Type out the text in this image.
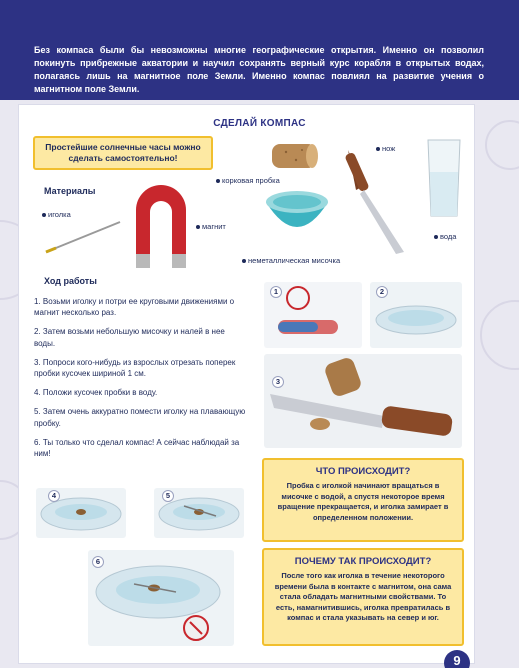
Без компаса были бы невозможны многие географические открытия. Именно он позволил покинуть прибрежные акватории и научил сохранять верный курс корабля в открытых водах, полагаясь лишь на магнитное поле Земли. Именно компас повлиял на развитие учения о магнитном поле Земли.

СДЕЛАЙ КОМПАС

Простейшие солнечные часы можно сделать самостоятельно!

Материалы
иголка
магнит
корковая пробка
неметаллическая мисочка
нож
вода
Ход работы

1. Возьми иголку и потри ее круговыми движениями о магнит несколько раз.

2. Затем возьми небольшую мисочку и налей в нее воды.

3. Попроси кого-нибудь из взрослых отрезать поперек пробки кусочек шириной 1 см.

4. Положи кусочек пробки в воду.

5. Затем очень аккуратно помести иголку на плавающую пробку.

6. Ты только что сделал компас! А сейчас наблюдай за ним!

1	2
3
4	5
6
ЧТО ПРОИСХОДИТ?

Пробка с иголкой начинают вращаться в мисочке с водой, а спустя некоторое время вращение прекращается, и иголка замирает в определенном положении.

ПОЧЕМУ ТАК ПРОИСХОДИТ?

После того как иголка в течение некоторого времени была в контакте с магнитом, она сама стала обладать магнитными свойствами. То есть, намагнитившись, иголка превратилась в компас и стала указывать на север и юг.

9
